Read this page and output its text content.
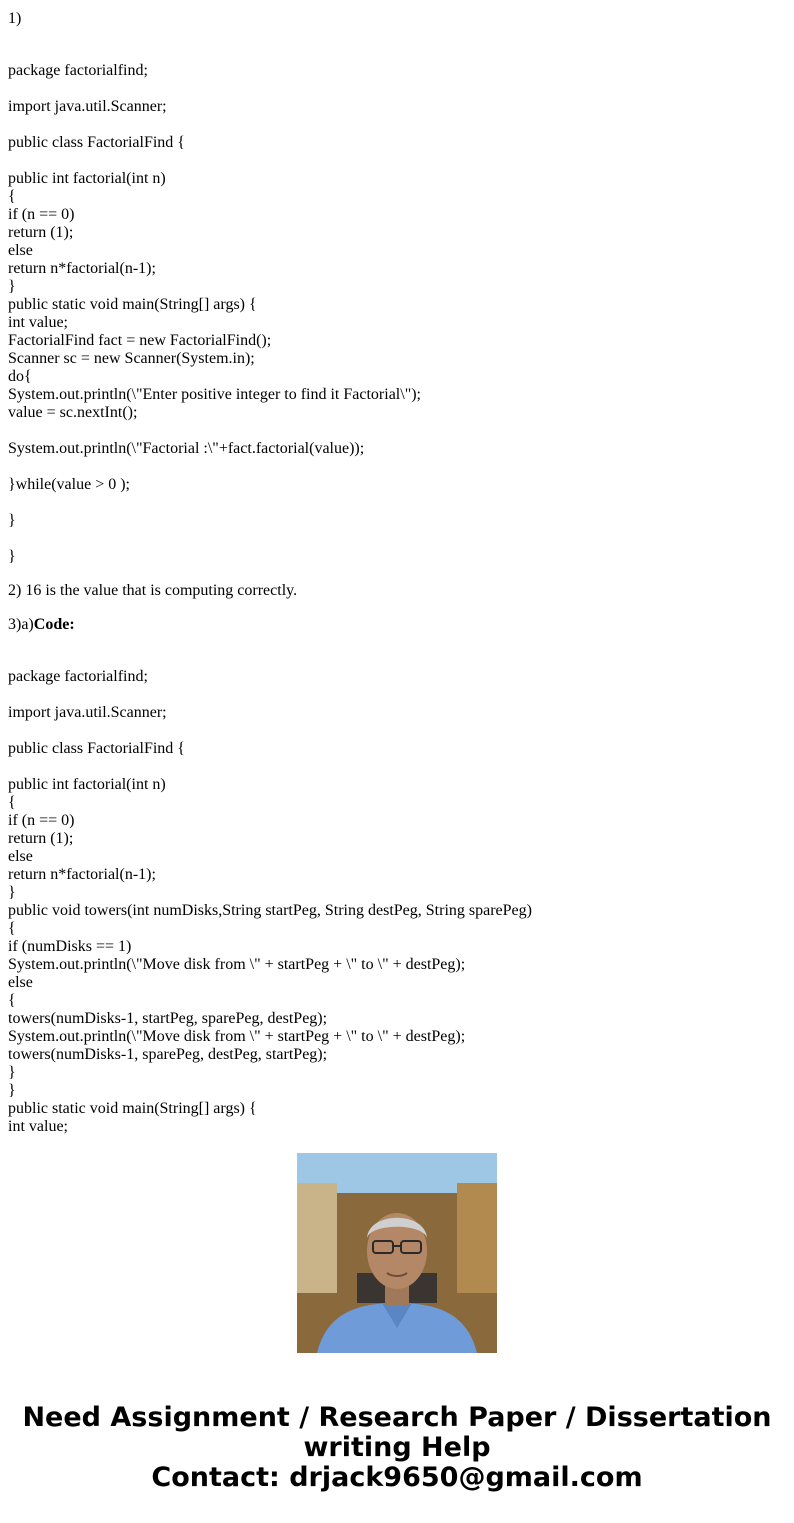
1)
package factorialfind;
import java.util.Scanner;
public class FactorialFind {
public int factorial(int n)
{
if (n == 0)
return (1);
else
return n*factorial(n-1);
}
public static void main(String[] args) {
int value;
FactorialFind fact = new FactorialFind();
Scanner sc = new Scanner(System.in);
do{
System.out.println(\"Enter positive integer to find it Factorial\");
value = sc.nextInt();
System.out.println(\"Factorial :\"+fact.factorial(value));
}while(value > 0 );
}
}
2) 16 is the value that is computing correctly.
3)a)Code:
package factorialfind;
import java.util.Scanner;
public class FactorialFind {
public int factorial(int n)
{
if (n == 0)
return (1);
else
return n*factorial(n-1);
}
public void towers(int numDisks,String startPeg, String destPeg, String sparePeg)
{
if (numDisks == 1)
System.out.println(\"Move disk from \" + startPeg + \" to \" + destPeg);
else
{
towers(numDisks-1, startPeg, sparePeg, destPeg);
System.out.println(\"Move disk from \" + startPeg + \" to \" + destPeg);
towers(numDisks-1, sparePeg, destPeg, startPeg);
}
}
public static void main(String[] args) {
int value;
Need Assignment / Research Paper / Dissertation
writing Help
Contact: drjack9650@gmail.com
